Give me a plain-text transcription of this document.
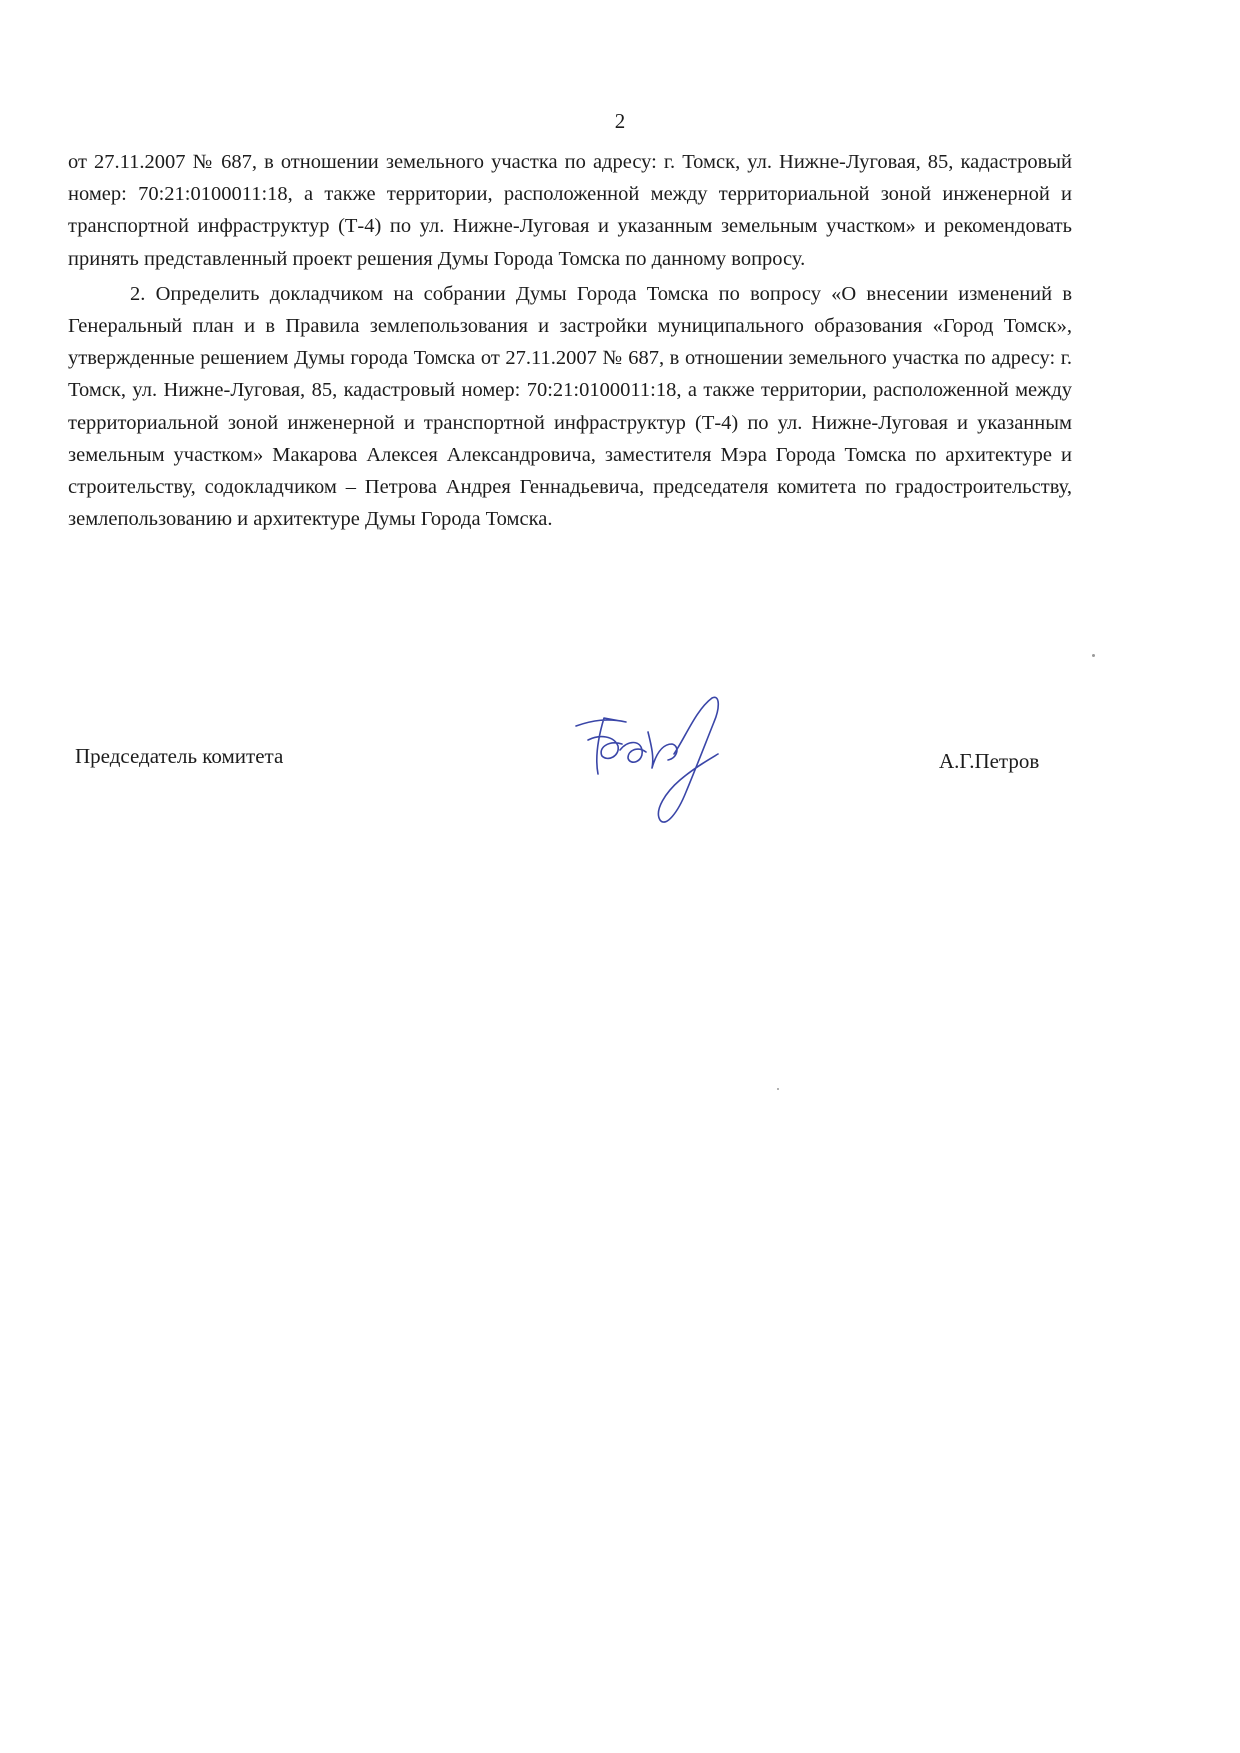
2

от 27.11.2007 № 687, в отношении земельного участка по адресу: г. Томск, ул. Нижне-Луговая, 85, кадастровый номер: 70:21:0100011:18, а также территории, расположенной между территориальной зоной инженерной и транспортной инфраструктур (Т-4) по ул. Нижне-Луговая и указанным земельным участком» и рекомендовать принять представленный проект решения Думы Города Томска по данному вопросу.

2. Определить докладчиком на собрании Думы Города Томска по вопросу «О внесении изменений в Генеральный план и в Правила землепользования и застройки муниципального образования «Город Томск», утвержденные решением Думы города Томска от 27.11.2007 № 687, в отношении земельного участка по адресу: г. Томск, ул. Нижне-Луговая, 85, кадастровый номер: 70:21:0100011:18, а также территории, расположенной между территориальной зоной инженерной и транспортной инфраструктур (Т-4) по ул. Нижне-Луговая и указанным земельным участком» Макарова Алексея Александровича, заместителя Мэра Города Томска по архитектуре и строительству, содокладчиком – Петрова Андрея Геннадьевича, председателя комитета по градостроительству, землепользованию и архитектуре Думы Города Томска.

Председатель комитета	А.Г.Петров
